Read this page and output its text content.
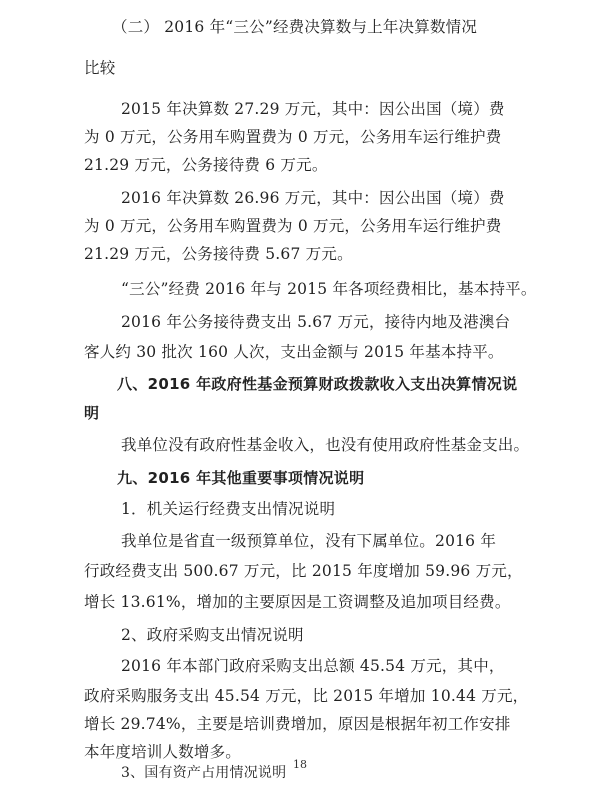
（二） 2016 年“三公”经费决算数与上年决算数情况
比较
2015 年决算数 27.29 万元，其中：因公出国（境）费
为 0 万元，公务用车购置费为 0 万元，公务用车运行维护费
21.29 万元，公务接待费 6 万元。
2016 年决算数 26.96 万元，其中：因公出国（境）费
为 0 万元，公务用车购置费为 0 万元，公务用车运行维护费
21.29 万元，公务接待费 5.67 万元。
“三公”经费 2016 年与 2015 年各项经费相比，基本持平。
2016 年公务接待费支出 5.67 万元，接待内地及港澳台
客人约 30 批次 160 人次，支出金额与 2015 年基本持平。
八、2016 年政府性基金预算财政拨款收入支出决算情况说
明
我单位没有政府性基金收入，也没有使用政府性基金支出。
九、2016 年其他重要事项情况说明
1．机关运行经费支出情况说明
我单位是省直一级预算单位，没有下属单位。2016 年
行政经费支出 500.67 万元，比 2015 年度增加 59.96 万元，
增长 13.61%，增加的主要原因是工资调整及追加项目经费。
2、政府采购支出情况说明
2016 年本部门政府采购支出总额 45.54 万元，其中，
政府采购服务支出 45.54 万元，比 2015 年增加 10.44 万元，
增长 29.74%，主要是培训费增加，原因是根据年初工作安排
本年度培训人数增多。
3、国有资产占用情况说明
18
